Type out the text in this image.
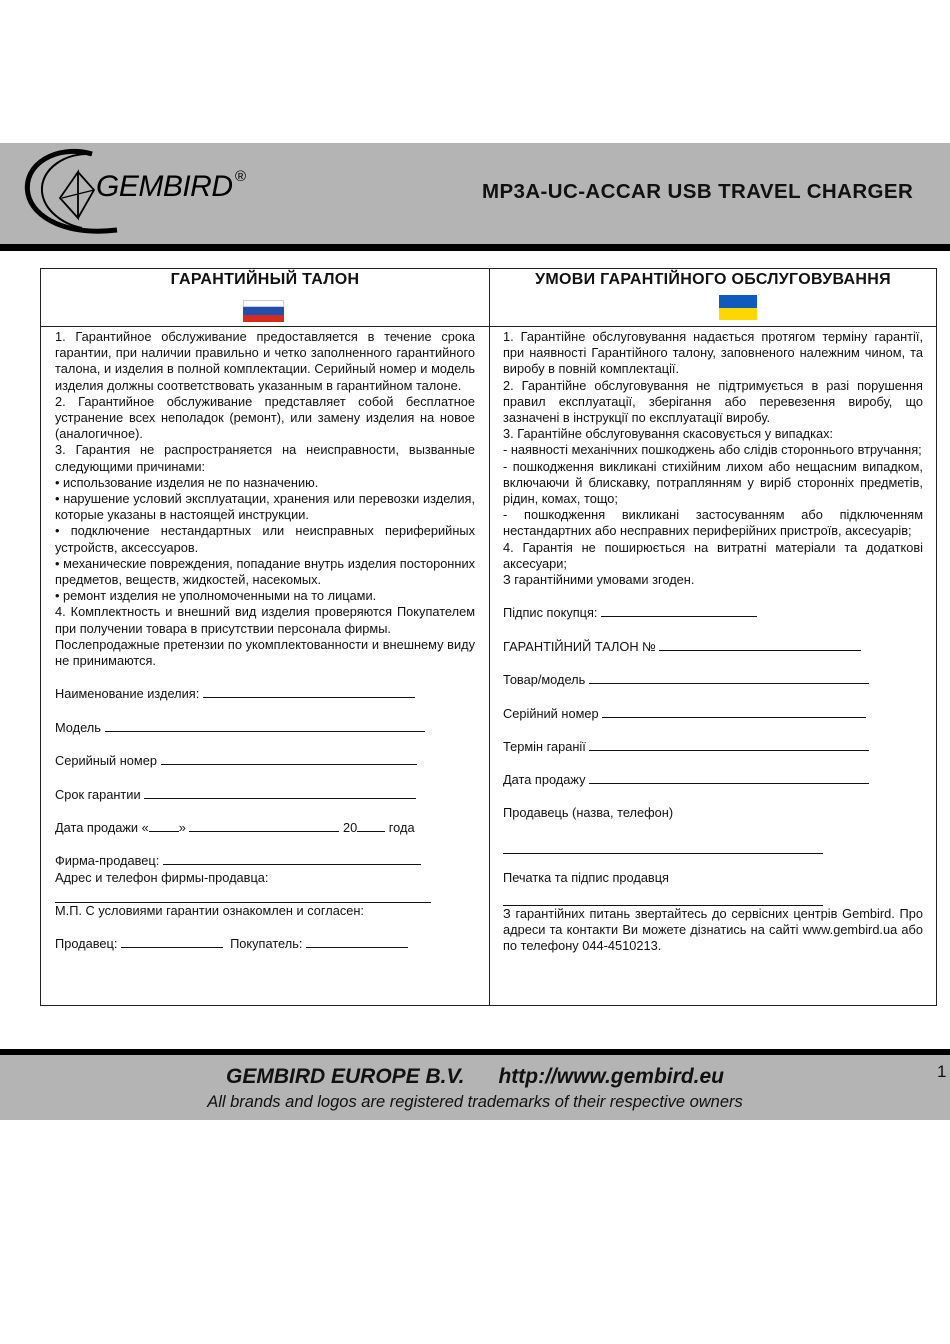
GEMBIRD ®
MP3A-UC-ACCAR USB TRAVEL CHARGER
ГАРАНТИЙНЫЙ ТАЛОН	УМОВИ ГАРАНТІЙНОГО ОБСЛУГОВУВАННЯ

1. Гарантийное обслуживание предоставляется в течение срока гарантии, при наличии правильно и четко заполненного гарантийного талона, и изделия в полной комплектации. Серийный номер и модель изделия должны соответствовать указанным в гарантийном талоне.

2. Гарантийное обслуживание представляет собой бесплатное устранение всех неполадок (ремонт), или замену изделия на новое (аналогичное).

3. Гарантия не распространяется на неисправности, вызванные следующими причинами:

• использование изделия не по назначению.

• нарушение условий эксплуатации, хранения или перевозки изделия, которые указаны в настоящей инструкции.

• подключение нестандартных или неисправных периферийных устройств, аксессуаров.

• механические повреждения, попадание внутрь изделия посторонних предметов, веществ, жидкостей, насекомых.

• ремонт изделия не уполномоченными на то лицами.

4. Комплектность и внешний вид изделия проверяются Покупателем при получении товара в присутствии персонала фирмы.

Послепродажные претензии по укомплектованности и внешнему виду не принимаются.

Наименование изделия:
Модель
Серийный номер
Срок гарантии
Дата продажи « »	20 года
Фирма-продавец:
Адрес и телефон фирмы-продавца:
М.П. С условиями гарантии ознакомлен и согласен:
Продавец:	Покупатель:

1. Гарантійне обслуговування надається протягом терміну гарантії, при наявності Гарантійного талону, заповненого належним чином, та виробу в повній комплектації.

2. Гарантійне обслуговування не підтримується в разі порушення правил експлуатації, зберігання або перевезення виробу, що зазначені в інструкції по експлуатації виробу.

3. Гарантійне обслуговування скасовується у випадках:

- наявності механічних пошкоджень або слідів стороннього втручання;

- пошкодження викликані стихійним лихом або нещасним випадком, включаючи й блискавку, потраплянням у виріб сторонніх предметів, рідин, комах, тощо;

- пошкодження викликані застосуванням або підключенням нестандартних або несправних периферійних пристроїв, аксесуарів;

4. Гарантія не поширюється на витратні матеріали та додаткові аксесуари;

З гарантійними умовами згоден.

Підпис покупця:
ГАРАНТІЙНИЙ ТАЛОН №
Товар/модель
Серійний номер
Термін гаранії
Дата продажу
Продавець (назва, телефон)
Печатка та підпис продавця

З гарантійних питань звертайтесь до сервісних центрів Gembird. Про адреси та контакти Ви можете дізнатись на сайті www.gembird.ua або по телефону 044-4510213.

GEMBIRD EUROPE B.V. http://www.gembird.eu
All brands and logos are registered trademarks of their respective owners
1
